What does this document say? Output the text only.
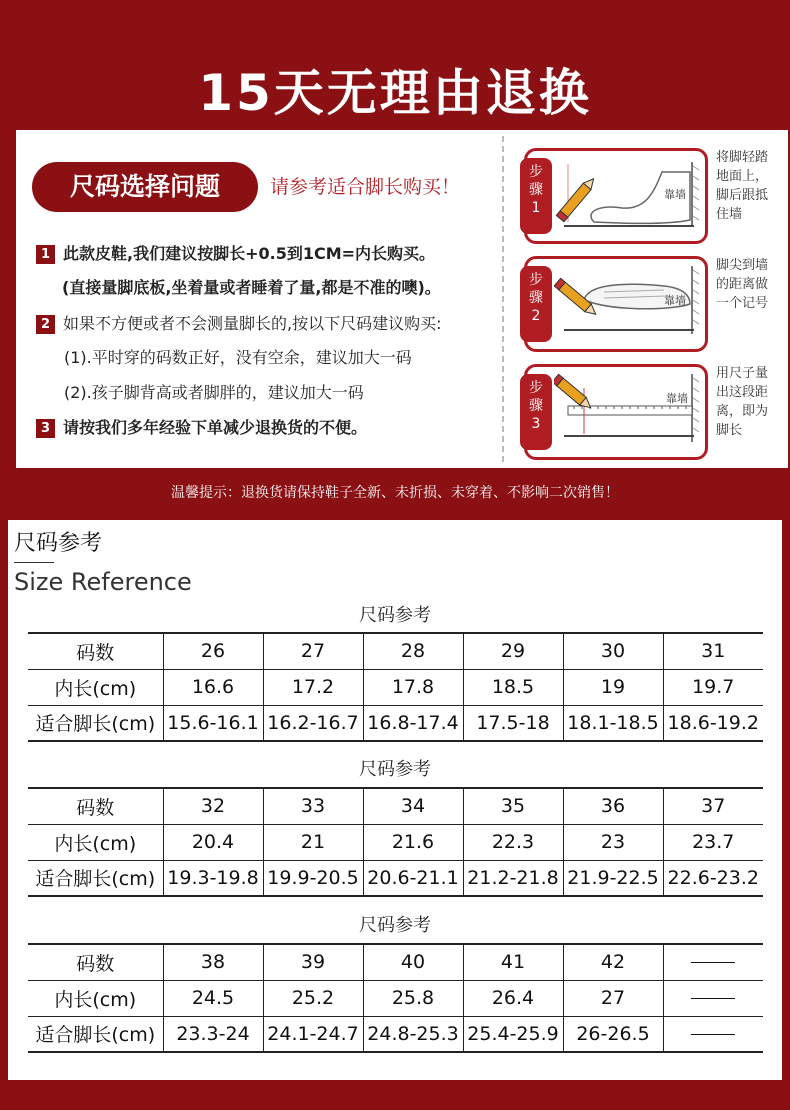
15天无理由退换
尺码选择问题	请参考适合脚长购买！
1 此款皮鞋,我们建议按脚长+0.5到1CM=内长购买。
(直接量脚底板,坐着量或者睡着了量,都是不准的噢)。
2 如果不方便或者不会测量脚长的,按以下尺码建议购买:
(1).平时穿的码数正好，没有空余，建议加大一码
(2).孩子脚背高或者脚胖的，建议加大一码
3 请按我们多年经验下单减少退换货的不便。
步
骤
1
靠墙
将脚轻踏地面上，脚后跟抵住墙
步
骤
2
靠墙
脚尖到墙的距离做一个记号
步
骤
3
靠墙
用尺子量出这段距离，即为脚长
温馨提示：退换货请保持鞋子全新、未折损、未穿着、不影响二次销售！
尺码参考
Size Reference
尺码参考
码数	26	27	28	29	30	31
内长(cm)	16.6	17.2	17.8	18.5	19	19.7
适合脚长(cm)	15.6-16.1	16.2-16.7	16.8-17.4	17.5-18	18.1-18.5	18.6-19.2
尺码参考
码数	32	33	34	35	36	37
内长(cm)	20.4	21	21.6	22.3	23	23.7
适合脚长(cm)	19.3-19.8	19.9-20.5	20.6-21.1	21.2-21.8	21.9-22.5	22.6-23.2
尺码参考
码数	38	39	40	41	42	
内长(cm)	24.5	25.2	25.8	26.4	27	
适合脚长(cm)	23.3-24	24.1-24.7	24.8-25.3	25.4-25.9	26-26.5	
